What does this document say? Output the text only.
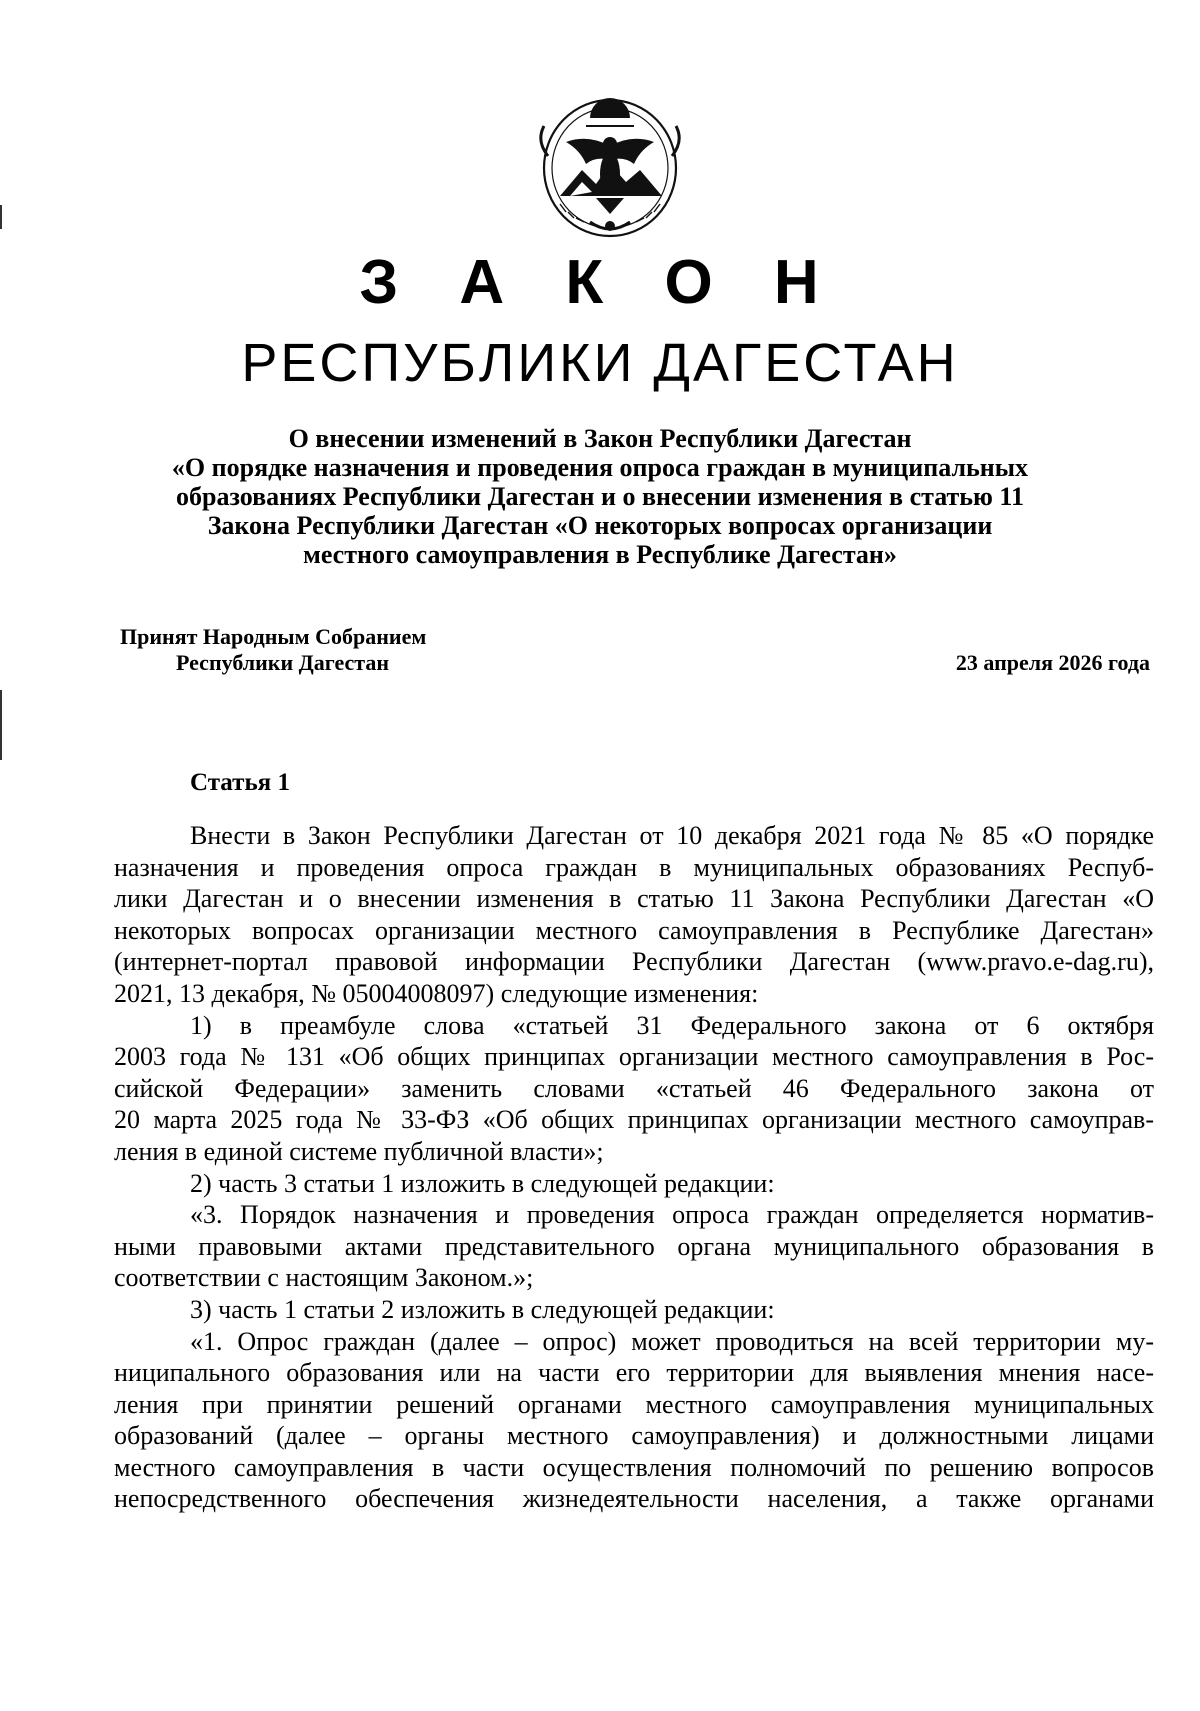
З А К О Н
РЕСПУБЛИКИ ДАГЕСТАН
О внесении изменений в Закон Республики Дагестан
«О порядке назначения и проведения опроса граждан в муниципальных
образованиях Республики Дагестан и о внесении изменения в статью 11
Закона Республики Дагестан «О некоторых вопросах организации
местного самоуправления в Республике Дагестан»
Принят Народным Собранием
Республики Дагестан	23 апреля 2026 года
Статья 1
Внести в Закон Республики Дагестан от 10 декабря 2021 года № 85 «О порядке
назначения и проведения опроса граждан в муниципальных образованиях Респуб-
лики Дагестан и о внесении изменения в статью 11 Закона Республики Дагестан «О
некоторых вопросах организации местного самоуправления в Республике Дагестан»
(интернет-портал правовой информации Республики Дагестан (www.pravo.e-dag.ru),
2021, 13 декабря, № 05004008097) следующие изменения:
1) в преамбуле слова «статьей 31 Федерального закона от 6 октября
2003 года № 131 «Об общих принципах организации местного самоуправления в Рос-
сийской Федерации» заменить словами «статьей 46 Федерального закона от
20 марта 2025 года № 33-ФЗ «Об общих принципах организации местного самоуправ-
ления в единой системе публичной власти»;
2) часть 3 статьи 1 изложить в следующей редакции:
«3. Порядок назначения и проведения опроса граждан определяется норматив-
ными правовыми актами представительного органа муниципального образования в
соответствии с настоящим Законом.»;
3) часть 1 статьи 2 изложить в следующей редакции:
«1. Опрос граждан (далее – опрос) может проводиться на всей территории му-
ниципального образования или на части его территории для выявления мнения насе-
ления при принятии решений органами местного самоуправления муниципальных
образований (далее – органы местного самоуправления) и должностными лицами
местного самоуправления в части осуществления полномочий по решению вопросов
непосредственного обеспечения жизнедеятельности населения, а также органами
